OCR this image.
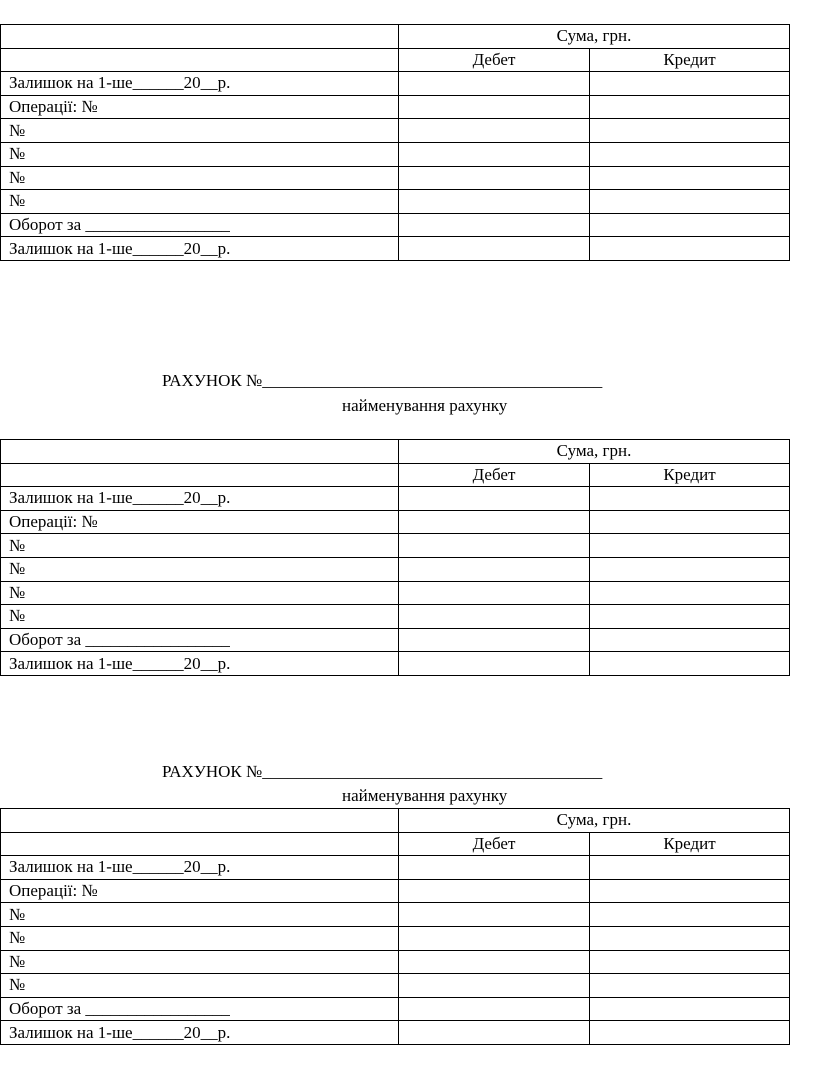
	Сума, грн.	
	Дебет	Кредит
Залишок на 1-ше______20__р.		
Операції: №		
№		
№		
№		
№		
Оборот за _________________		
Залишок на 1-ше______20__р.		
РАХУНОК №________________________________________
найменування рахунку
	Сума, грн.	
	Дебет	Кредит
Залишок на 1-ше______20__р.		
Операції: №		
№		
№		
№		
№		
Оборот за _________________		
Залишок на 1-ше______20__р.		
РАХУНОК №________________________________________
найменування рахунку
	Сума, грн.	
	Дебет	Кредит
Залишок на 1-ше______20__р.		
Операції: №		
№		
№		
№		
№		
Оборот за _________________		
Залишок на 1-ше______20__р.		
